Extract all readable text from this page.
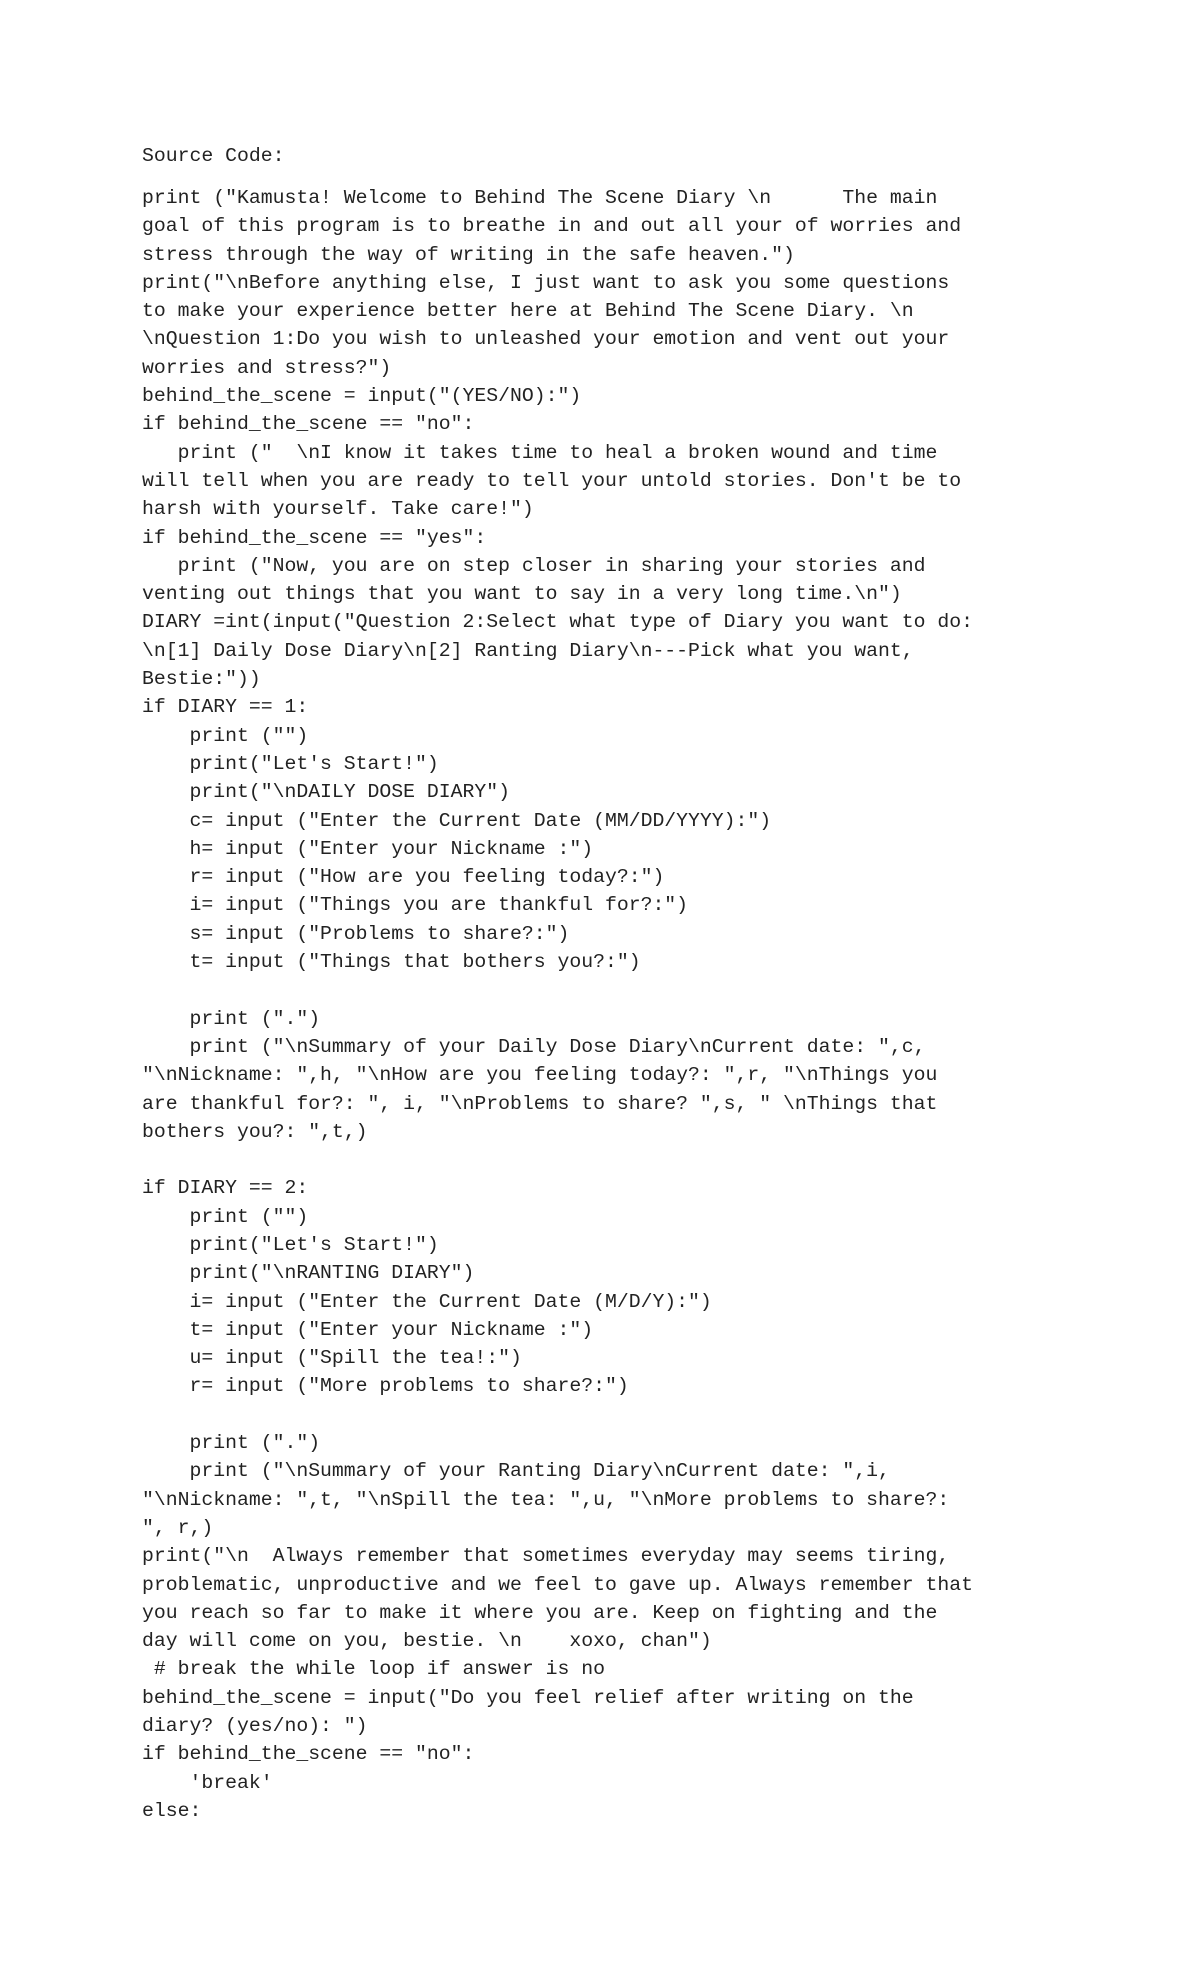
Source Code:
print ("Kamusta! Welcome to Behind The Scene Diary \n      The main
goal of this program is to breathe in and out all your of worries and
stress through the way of writing in the safe heaven.")
print("\nBefore anything else, I just want to ask you some questions
to make your experience better here at Behind The Scene Diary. \n
\nQuestion 1:Do you wish to unleashed your emotion and vent out your
worries and stress?")
behind_the_scene = input("(YES/NO):")
if behind_the_scene == "no":
print ("  \nI know it takes time to heal a broken wound and time
will tell when you are ready to tell your untold stories. Don't be to
harsh with yourself. Take care!")
if behind_the_scene == "yes":
print ("Now, you are on step closer in sharing your stories and
venting out things that you want to say in a very long time.\n")
DIARY =int(input("Question 2:Select what type of Diary you want to do:
\n[1] Daily Dose Diary\n[2] Ranting Diary\n---Pick what you want,
Bestie:"))
if DIARY == 1:
print ("")
print("Let's Start!")
print("\nDAILY DOSE DIARY")
c= input ("Enter the Current Date (MM/DD/YYYY):")
h= input ("Enter your Nickname :")
r= input ("How are you feeling today?:")
i= input ("Things you are thankful for?:")
s= input ("Problems to share?:")
t= input ("Things that bothers you?:")
print (".")
print ("\nSummary of your Daily Dose Diary\nCurrent date: ",c,
"\nNickname: ",h, "\nHow are you feeling today?: ",r, "\nThings you
are thankful for?: ", i, "\nProblems to share? ",s, " \nThings that
bothers you?: ",t,)
if DIARY == 2:
print ("")
print("Let's Start!")
print("\nRANTING DIARY")
i= input ("Enter the Current Date (M/D/Y):")
t= input ("Enter your Nickname :")
u= input ("Spill the tea!:")
r= input ("More problems to share?:")
print (".")
print ("\nSummary of your Ranting Diary\nCurrent date: ",i,
"\nNickname: ",t, "\nSpill the tea: ",u, "\nMore problems to share?:
", r,)
print("\n  Always remember that sometimes everyday may seems tiring,
problematic, unproductive and we feel to gave up. Always remember that
you reach so far to make it where you are. Keep on fighting and the
day will come on you, bestie. \n    xoxo, chan")
# break the while loop if answer is no
behind_the_scene = input("Do you feel relief after writing on the
diary? (yes/no): ")
if behind_the_scene == "no":
'break'
else:
